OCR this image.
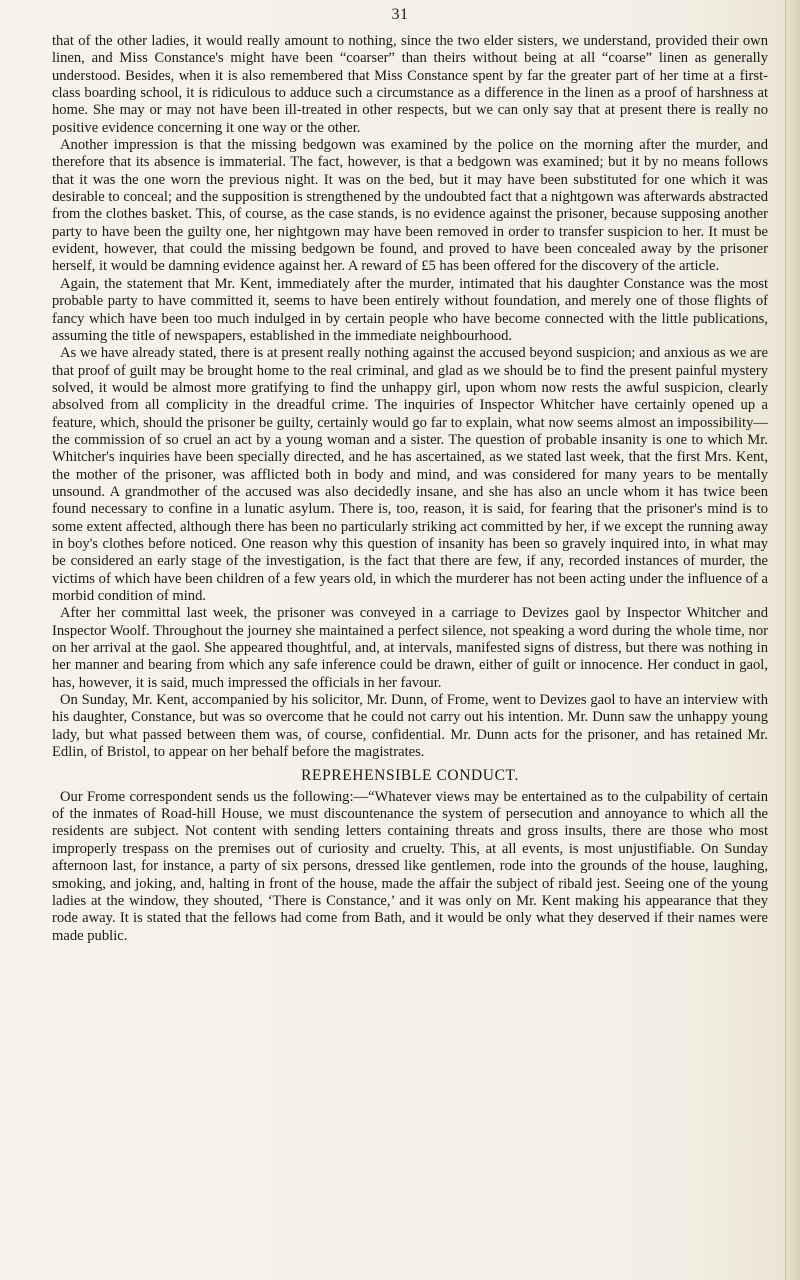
31

that of the other ladies, it would really amount to nothing, since the two elder sisters, we understand, provided their own linen, and Miss Constance's might have been “coarser” than theirs without being at all “coarse” linen as generally understood. Besides, when it is also remembered that Miss Constance spent by far the greater part of her time at a first-class boarding school, it is ridiculous to adduce such a circumstance as a difference in the linen as a proof of harshness at home. She may or may not have been ill-treated in other respects, but we can only say that at present there is really no positive evidence concerning it one way or the other.

Another impression is that the missing bedgown was examined by the police on the morning after the murder, and therefore that its absence is immaterial. The fact, however, is that a bedgown was examined; but it by no means follows that it was the one worn the previous night. It was on the bed, but it may have been substituted for one which it was desirable to conceal; and the supposition is strengthened by the undoubted fact that a nightgown was afterwards abstracted from the clothes basket. This, of course, as the case stands, is no evidence against the prisoner, because supposing another party to have been the guilty one, her nightgown may have been removed in order to transfer suspicion to her. It must be evident, however, that could the missing bedgown be found, and proved to have been concealed away by the prisoner herself, it would be damning evidence against her. A reward of £5 has been offered for the discovery of the article.

Again, the statement that Mr. Kent, immediately after the murder, intimated that his daughter Constance was the most probable party to have committed it, seems to have been entirely without foundation, and merely one of those flights of fancy which have been too much indulged in by certain people who have become connected with the little publications, assuming the title of newspapers, established in the immediate neighbourhood.

As we have already stated, there is at present really nothing against the accused beyond suspicion; and anxious as we are that proof of guilt may be brought home to the real criminal, and glad as we should be to find the present painful mystery solved, it would be almost more gratifying to find the unhappy girl, upon whom now rests the awful suspicion, clearly absolved from all complicity in the dreadful crime. The inquiries of Inspector Whitcher have certainly opened up a feature, which, should the prisoner be guilty, certainly would go far to explain, what now seems almost an impossibility—the commission of so cruel an act by a young woman and a sister. The question of probable insanity is one to which Mr. Whitcher's inquiries have been specially directed, and he has ascertained, as we stated last week, that the first Mrs. Kent, the mother of the prisoner, was afflicted both in body and mind, and was considered for many years to be mentally unsound. A grandmother of the accused was also decidedly insane, and she has also an uncle whom it has twice been found necessary to confine in a lunatic asylum. There is, too, reason, it is said, for fearing that the prisoner's mind is to some extent affected, although there has been no particularly striking act committed by her, if we except the running away in boy's clothes before noticed. One reason why this question of insanity has been so gravely inquired into, in what may be considered an early stage of the investigation, is the fact that there are few, if any, recorded instances of murder, the victims of which have been children of a few years old, in which the murderer has not been acting under the influence of a morbid condition of mind.

After her committal last week, the prisoner was conveyed in a carriage to Devizes gaol by Inspector Whitcher and Inspector Woolf. Throughout the journey she maintained a perfect silence, not speaking a word during the whole time, nor on her arrival at the gaol. She appeared thoughtful, and, at intervals, manifested signs of distress, but there was nothing in her manner and bearing from which any safe inference could be drawn, either of guilt or innocence. Her conduct in gaol, has, however, it is said, much impressed the officials in her favour.

On Sunday, Mr. Kent, accompanied by his solicitor, Mr. Dunn, of Frome, went to Devizes gaol to have an interview with his daughter, Constance, but was so overcome that he could not carry out his intention. Mr. Dunn saw the unhappy young lady, but what passed between them was, of course, confidential. Mr. Dunn acts for the prisoner, and has retained Mr. Edlin, of Bristol, to appear on her behalf before the magistrates.

REPREHENSIBLE CONDUCT.

Our Frome correspondent sends us the following:—“Whatever views may be entertained as to the culpability of certain of the inmates of Road-hill House, we must discountenance the system of persecution and annoyance to which all the residents are subject. Not content with sending letters containing threats and gross insults, there are those who most improperly trespass on the premises out of curiosity and cruelty. This, at all events, is most unjustifiable. On Sunday afternoon last, for instance, a party of six persons, dressed like gentlemen, rode into the grounds of the house, laughing, smoking, and joking, and, halting in front of the house, made the affair the subject of ribald jest. Seeing one of the young ladies at the window, they shouted, ‘There is Constance,’ and it was only on Mr. Kent making his appearance that they rode away. It is stated that the fellows had come from Bath, and it would be only what they deserved if their names were made public.
